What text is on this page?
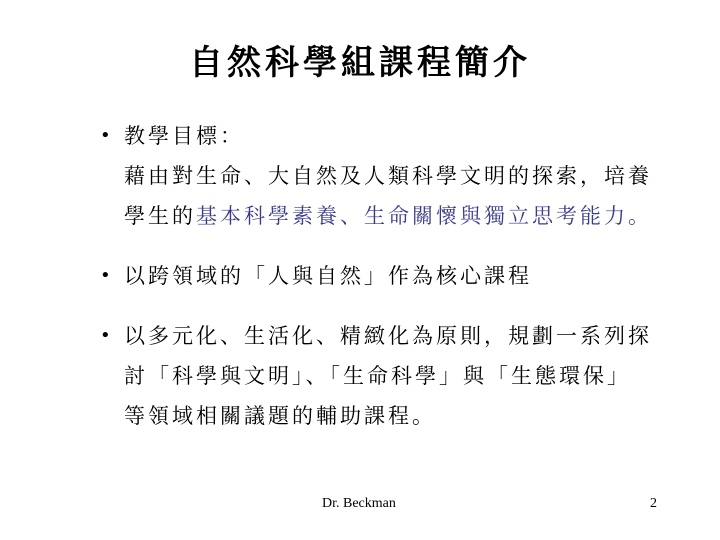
自然科學組課程簡介
• 教學目標：
藉由對生命、大自然及人類科學文明的探索，培養
學生的基本科學素養、生命關懷與獨立思考能力。
• 以跨領域的「人與自然」作為核心課程
• 以多元化、生活化、精緻化為原則，規劃一系列探
討「科學與文明」、「生命科學」與「生態環保」
等領域相關議題的輔助課程。
Dr. Beckman	2
